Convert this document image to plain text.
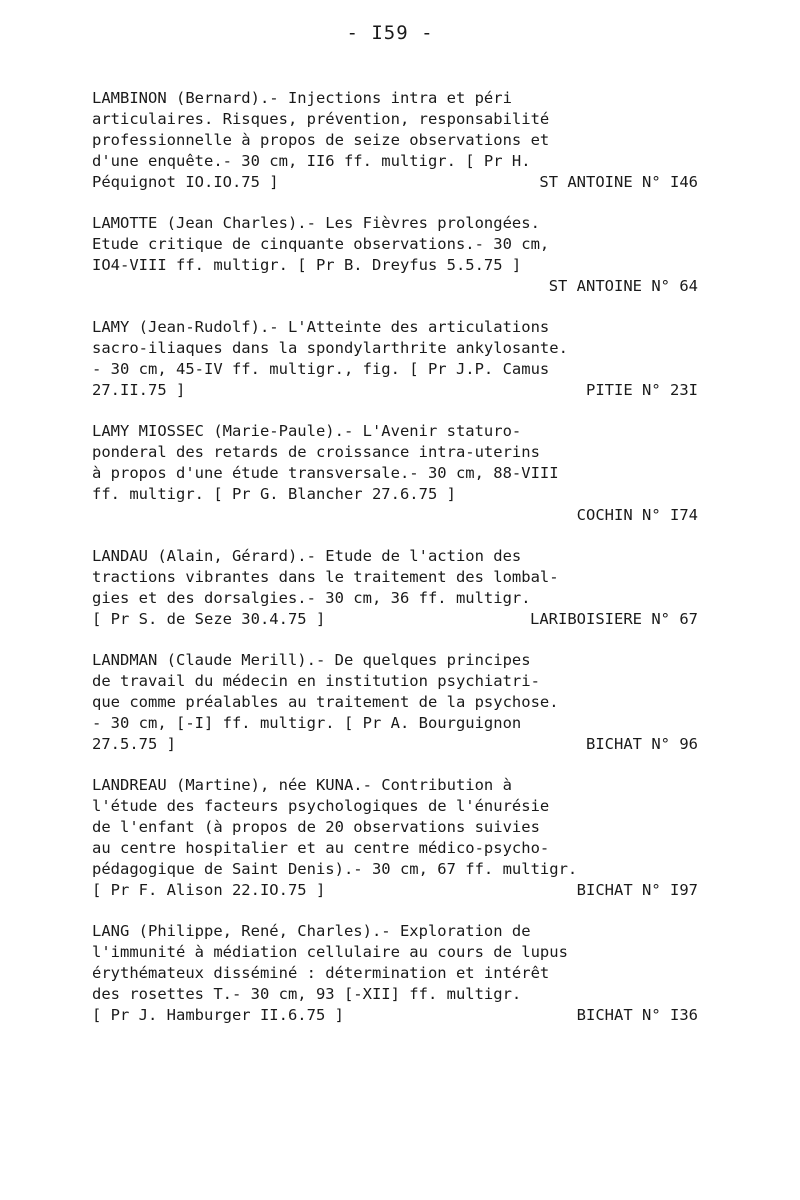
- I59 -
LAMBINON (Bernard).- Injections intra et péri
articulaires. Risques, prévention, responsabilité
professionnelle à propos de seize observations et
d'une enquête.- 30 cm, II6 ff. multigr. [ Pr H.
Péquignot IO.IO.75 ]	ST ANTOINE N° I46
LAMOTTE (Jean Charles).- Les Fièvres prolongées.
Etude critique de cinquante observations.- 30 cm,
IO4-VIII ff. multigr. [ Pr B. Dreyfus 5.5.75 ]
ST ANTOINE N° 64
LAMY (Jean-Rudolf).- L'Atteinte des articulations
sacro-iliaques dans la spondylarthrite ankylosante.
- 30 cm, 45-IV ff. multigr., fig. [ Pr J.P. Camus
27.II.75 ]	PITIE N° 23I
LAMY MIOSSEC (Marie-Paule).- L'Avenir staturo-
ponderal des retards de croissance intra-uterins
à propos d'une étude transversale.- 30 cm, 88-VIII
ff. multigr. [ Pr G. Blancher 27.6.75 ]
COCHIN N° I74
LANDAU (Alain, Gérard).- Etude de l'action des
tractions vibrantes dans le traitement des lombal-
gies et des dorsalgies.- 30 cm, 36 ff. multigr.
[ Pr S. de Seze 30.4.75 ]	LARIBOISIERE N° 67
LANDMAN (Claude Merill).- De quelques principes
de travail du médecin en institution psychiatri-
que comme préalables au traitement de la psychose.
- 30 cm, [-I] ff. multigr. [ Pr A. Bourguignon
27.5.75 ]	BICHAT N° 96
LANDREAU (Martine), née KUNA.- Contribution à
l'étude des facteurs psychologiques de l'énurésie
de l'enfant (à propos de 20 observations suivies
au centre hospitalier et au centre médico-psycho-
pédagogique de Saint Denis).- 30 cm, 67 ff. multigr.
[ Pr F. Alison 22.IO.75 ]	BICHAT N° I97
LANG (Philippe, René, Charles).- Exploration de
l'immunité à médiation cellulaire au cours de lupus
érythémateux disséminé : détermination et intérêt
des rosettes T.- 30 cm, 93 [-XII] ff. multigr.
[ Pr J. Hamburger II.6.75 ]	BICHAT N° I36
